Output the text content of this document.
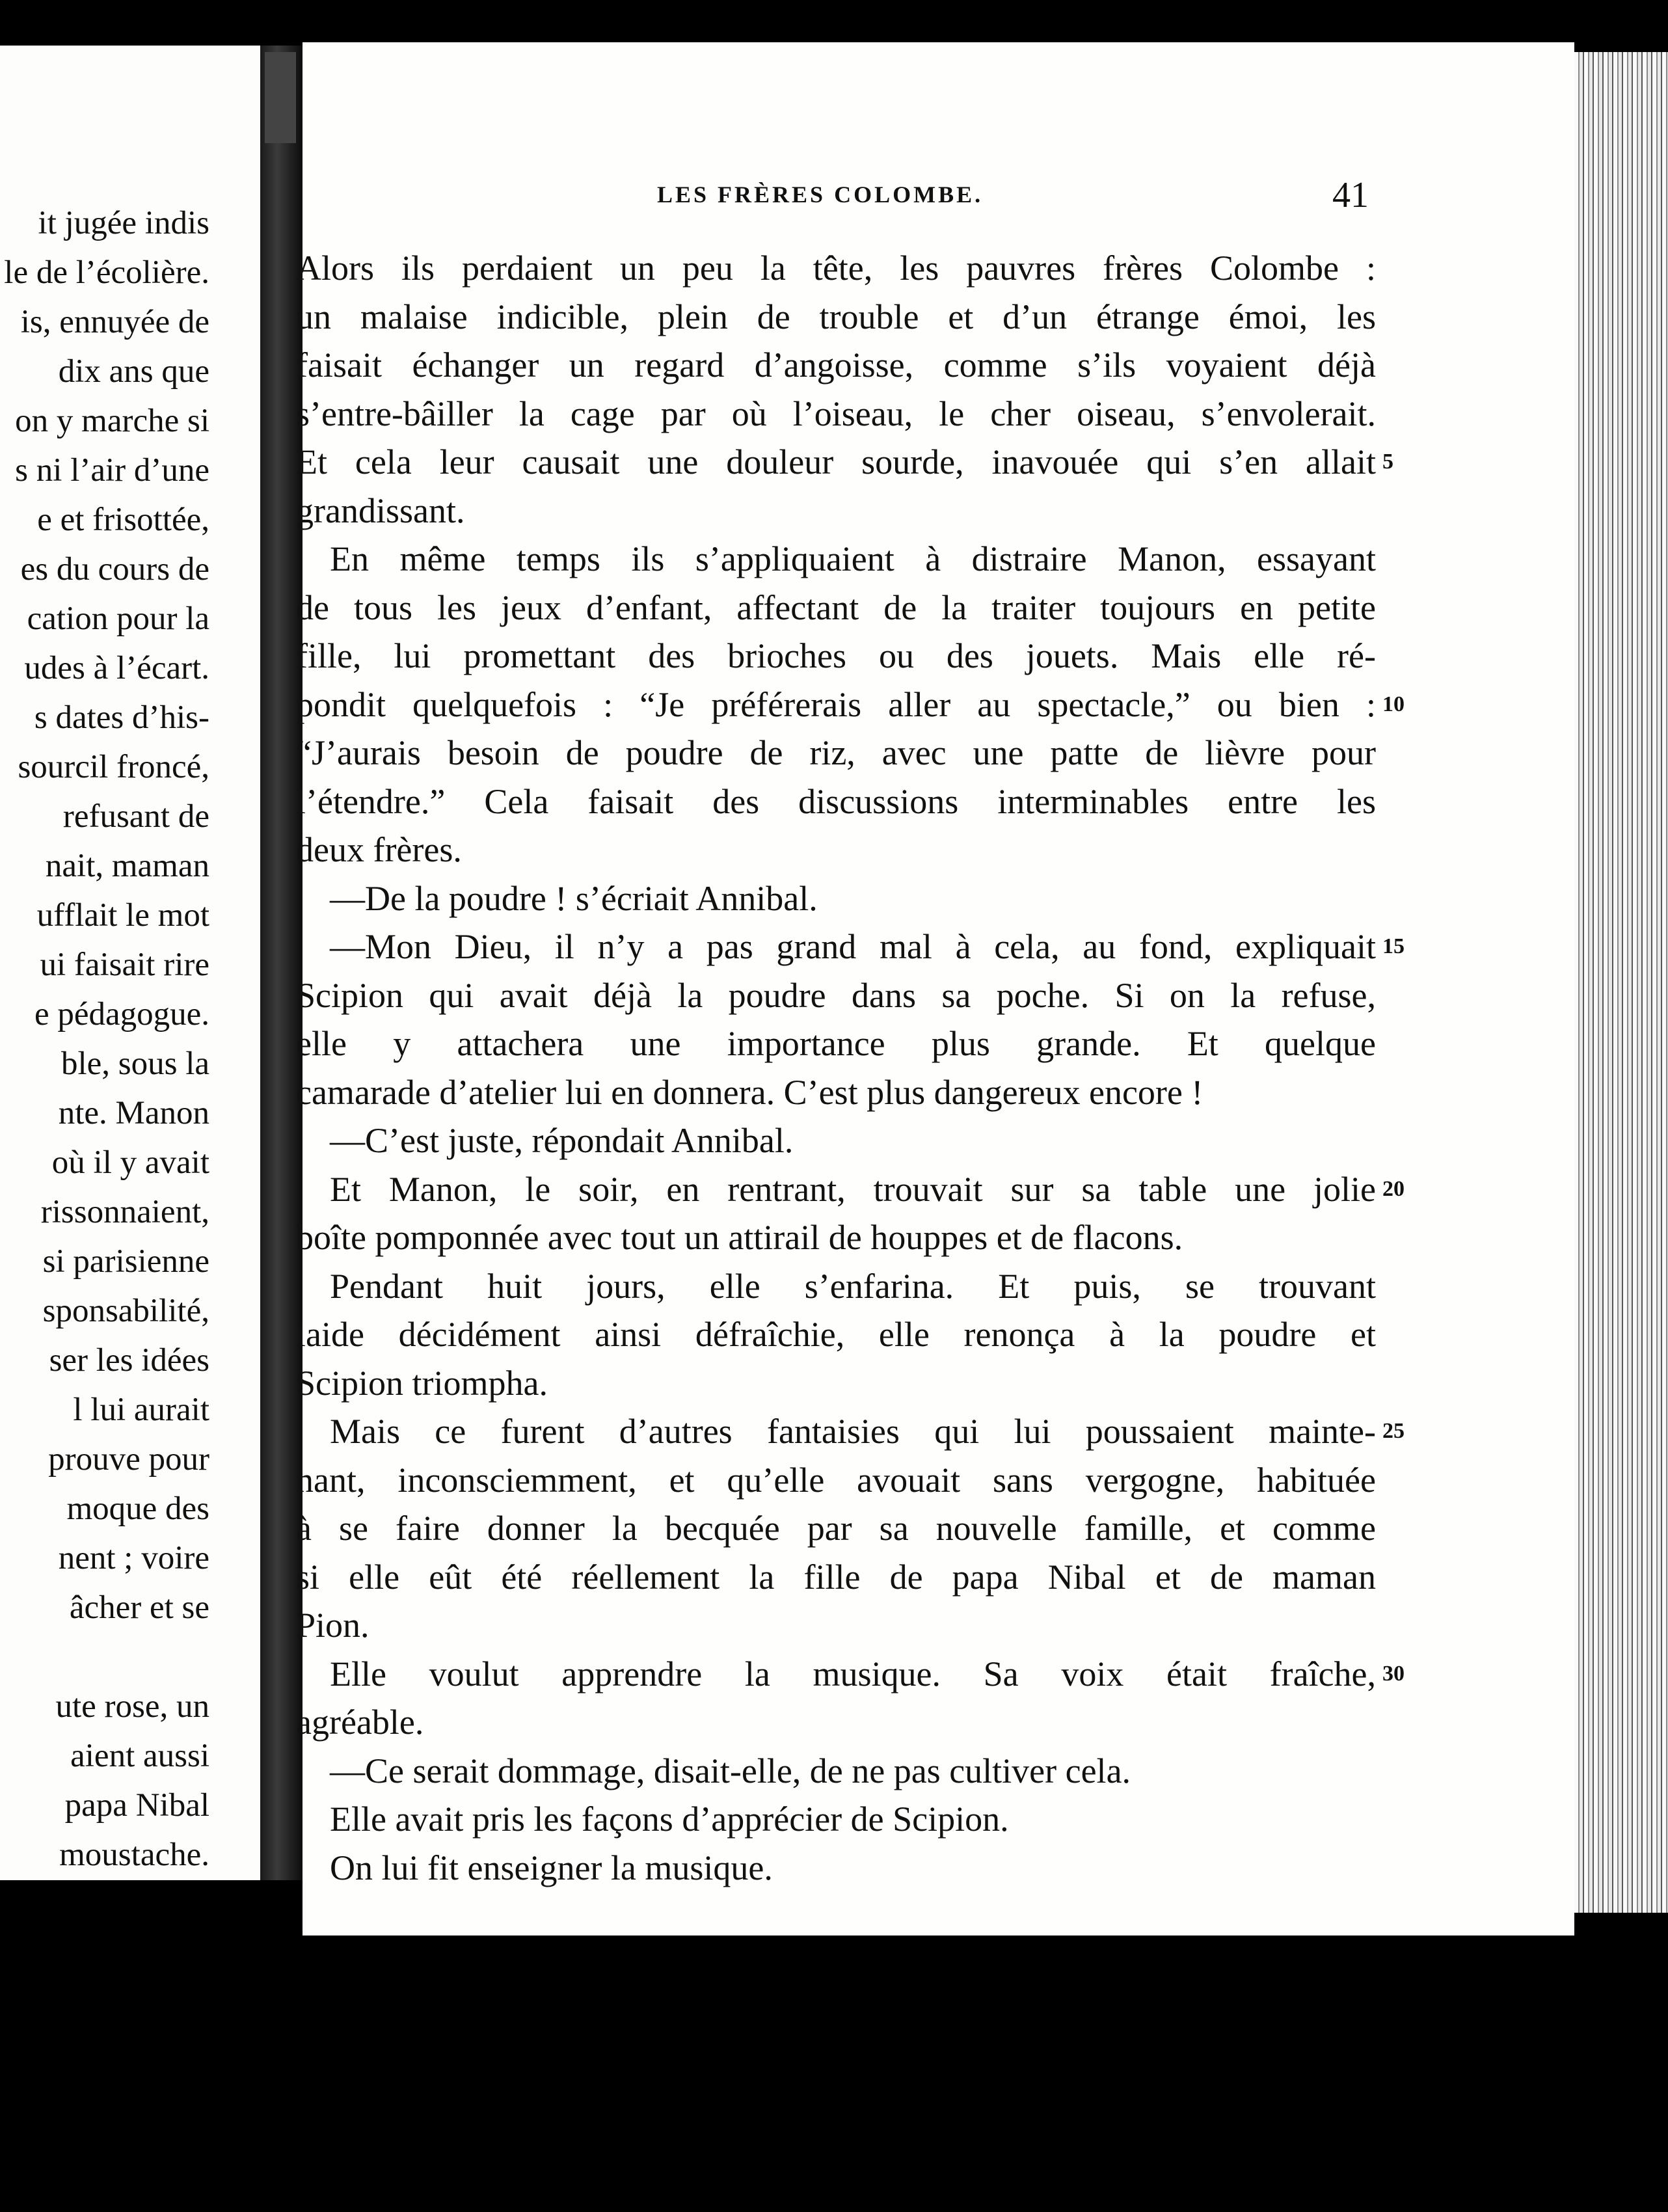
it jugée indis
le de l’écolière.
is, ennuyée de
dix ans que
on y marche si
s ni l’air d’une
e et frisottée,
es du cours de
cation pour la
udes à l’écart.
s dates d’his-
sourcil froncé,
refusant de
nait, maman
ufflait le mot
ui faisait rire
e pédagogue.
ble, sous la
nte. Manon
où il y avait
rissonnaient,
si parisienne
sponsabilité,
ser les idées
l lui aurait
prouve pour
moque des
nent ; voire
âcher et se
ute rose, un
aient aussi
papa Nibal
moustache.
LES FRÈRES COLOMBE.	41
Alors ils perdaient un peu la tête, les pauvres frères Colombe :
un malaise indicible, plein de trouble et d’un étrange émoi, les
faisait échanger un regard d’angoisse, comme s’ils voyaient déjà
s’entre-bâiller la cage par où l’oiseau, le cher oiseau, s’envolerait.
Et cela leur causait une douleur sourde, inavouée qui s’en allait 5
grandissant.
En même temps ils s’appliquaient à distraire Manon, essayant
de tous les jeux d’enfant, affectant de la traiter toujours en petite
fille, lui promettant des brioches ou des jouets. Mais elle ré-
pondit quelquefois : “Je préférerais aller au spectacle,” ou bien : 10
“J’aurais besoin de poudre de riz, avec une patte de lièvre pour
l’étendre.” Cela faisait des discussions interminables entre les
deux frères.
—De la poudre ! s’écriait Annibal.
—Mon Dieu, il n’y a pas grand mal à cela, au fond, expliquait 15
Scipion qui avait déjà la poudre dans sa poche. Si on la refuse,
elle y attachera une importance plus grande. Et quelque
camarade d’atelier lui en donnera. C’est plus dangereux encore !
—C’est juste, répondait Annibal.
Et Manon, le soir, en rentrant, trouvait sur sa table une jolie 20
boîte pomponnée avec tout un attirail de houppes et de flacons.
Pendant huit jours, elle s’enfarina. Et puis, se trouvant
laide décidément ainsi défraîchie, elle renonça à la poudre et
Scipion triompha.
Mais ce furent d’autres fantaisies qui lui poussaient mainte- 25
nant, inconsciemment, et qu’elle avouait sans vergogne, habituée
à se faire donner la becquée par sa nouvelle famille, et comme
si elle eût été réellement la fille de papa Nibal et de maman
Pion.
Elle voulut apprendre la musique. Sa voix était fraîche, 30
agréable.
—Ce serait dommage, disait-elle, de ne pas cultiver cela.
Elle avait pris les façons d’apprécier de Scipion.
On lui fit enseigner la musique.
